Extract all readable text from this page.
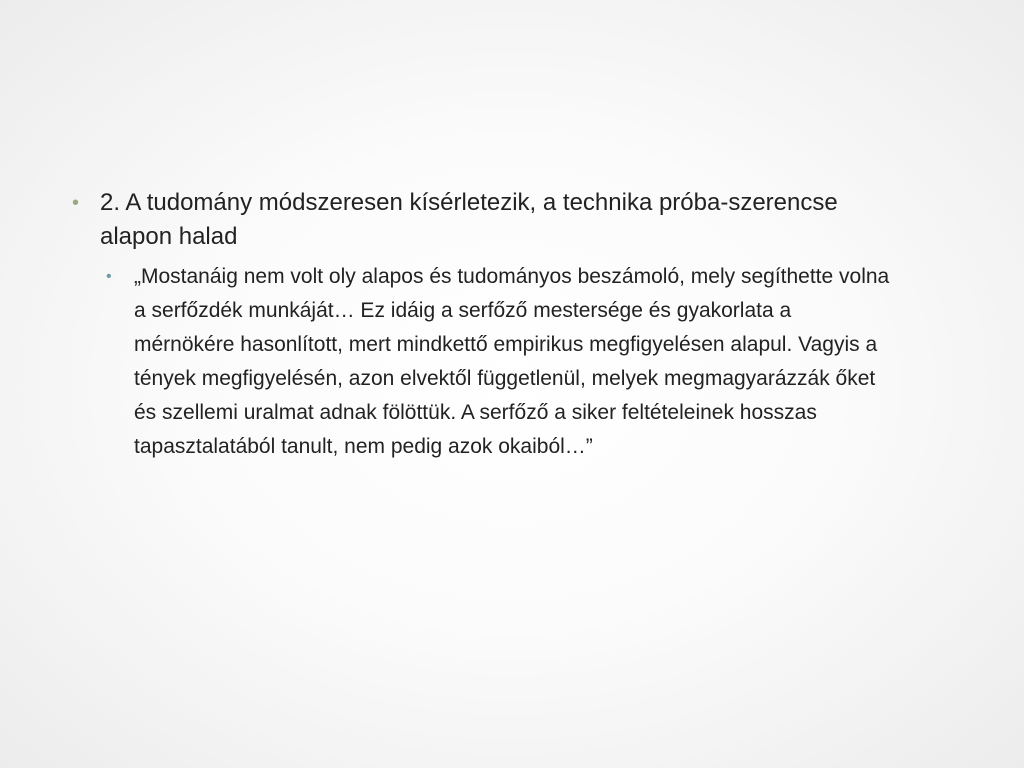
• 2. A tudomány módszeresen kísérletezik, a technika próba-szerencse alapon halad
• „Mostanáig nem volt oly alapos és tudományos beszámoló, mely segíthette volna a serfőzdék munkáját… Ez idáig a serfőző mestersége és gyakorlata a mérnökére hasonlított, mert mindkettő empirikus megfigyelésen alapul. Vagyis a tények megfigyelésén, azon elvektől függetlenül, melyek megmagyarázzák őket és szellemi uralmat adnak fölöttük. A serfőző a siker feltételeinek hosszas tapasztalatából tanult, nem pedig azok okaiból…”
